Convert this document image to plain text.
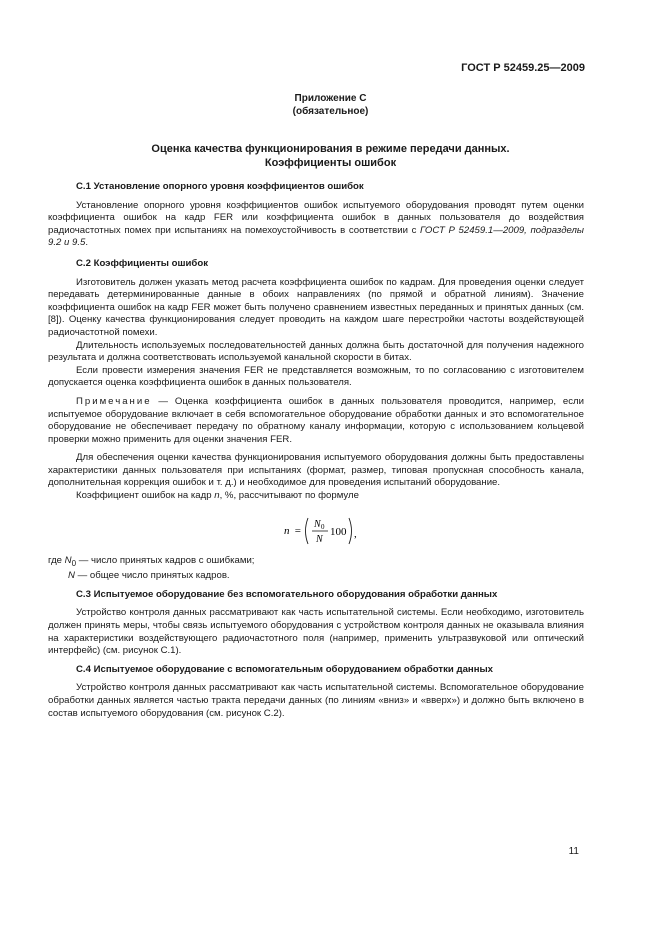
ГОСТ Р 52459.25—2009
Приложение С
(обязательное)
Оценка качества функционирования в режиме передачи данных.
Коэффициенты ошибок

С.1 Установление опорного уровня коэффициентов ошибок

Установление опорного уровня коэффициентов ошибок испытуемого оборудования проводят путем оценки коэффициента ошибок на кадр FER или коэффициента ошибок в данных пользователя до воздействия радиочастотных помех при испытаниях на помехоустойчивость в соответствии с ГОСТ Р 52459.1—2009, подразделы 9.2 и 9.5.

С.2 Коэффициенты ошибок

Изготовитель должен указать метод расчета коэффициента ошибок по кадрам. Для проведения оценки следует передавать детерминированные данные в обоих направлениях (по прямой и обратной линиям). Значение коэффициента ошибок на кадр FER может быть получено сравнением известных переданных и принятых данных (см. [8]). Оценку качества функционирования следует проводить на каждом шаге перестройки частоты воздействующей радиочастотной помехи.

Длительность используемых последовательностей данных должна быть достаточной для получения надежного результата и должна соответствовать используемой канальной скорости в битах.

Если провести измерения значения FER не представляется возможным, то по согласованию с изготовителем допускается оценка коэффициента ошибок в данных пользователя.

Примечание — Оценка коэффициента ошибок в данных пользователя проводится, например, если испытуемое оборудование включает в себя вспомогательное оборудование обработки данных и это вспомогательное оборудование не обеспечивает передачу по обратному каналу информации, которую с использованием кольцевой проверки можно применить для оценки значения FER.

Для обеспечения оценки качества функционирования испытуемого оборудования должны быть предоставлены характеристики данных пользователя при испытаниях (формат, размер, типовая пропускная способность канала, дополнительная коррекция ошибок и т. д.) и необходимое для проведения испытаний оборудование.

Коэффициент ошибок на кадр n, %, рассчитывают по формуле

n =
N 0
N
100 ,

где $N_0$ — число принятых кадров с ошибками;

N — общее число принятых кадров.

С.3 Испытуемое оборудование без вспомогательного оборудования обработки данных

Устройство контроля данных рассматривают как часть испытательной системы. Если необходимо, изготовитель должен принять меры, чтобы связь испытуемого оборудования с устройством контроля данных не оказывала влияния на характеристики воздействующего радиочастотного поля (например, применить ультразвуковой или оптический интерфейс) (см. рисунок С.1).

С.4 Испытуемое оборудование с вспомогательным оборудованием обработки данных

Устройство контроля данных рассматривают как часть испытательной системы. Вспомогательное оборудование обработки данных является частью тракта передачи данных (по линиям «вниз» и «вверх») и должно быть включено в состав испытуемого оборудования (см. рисунок С.2).

11
